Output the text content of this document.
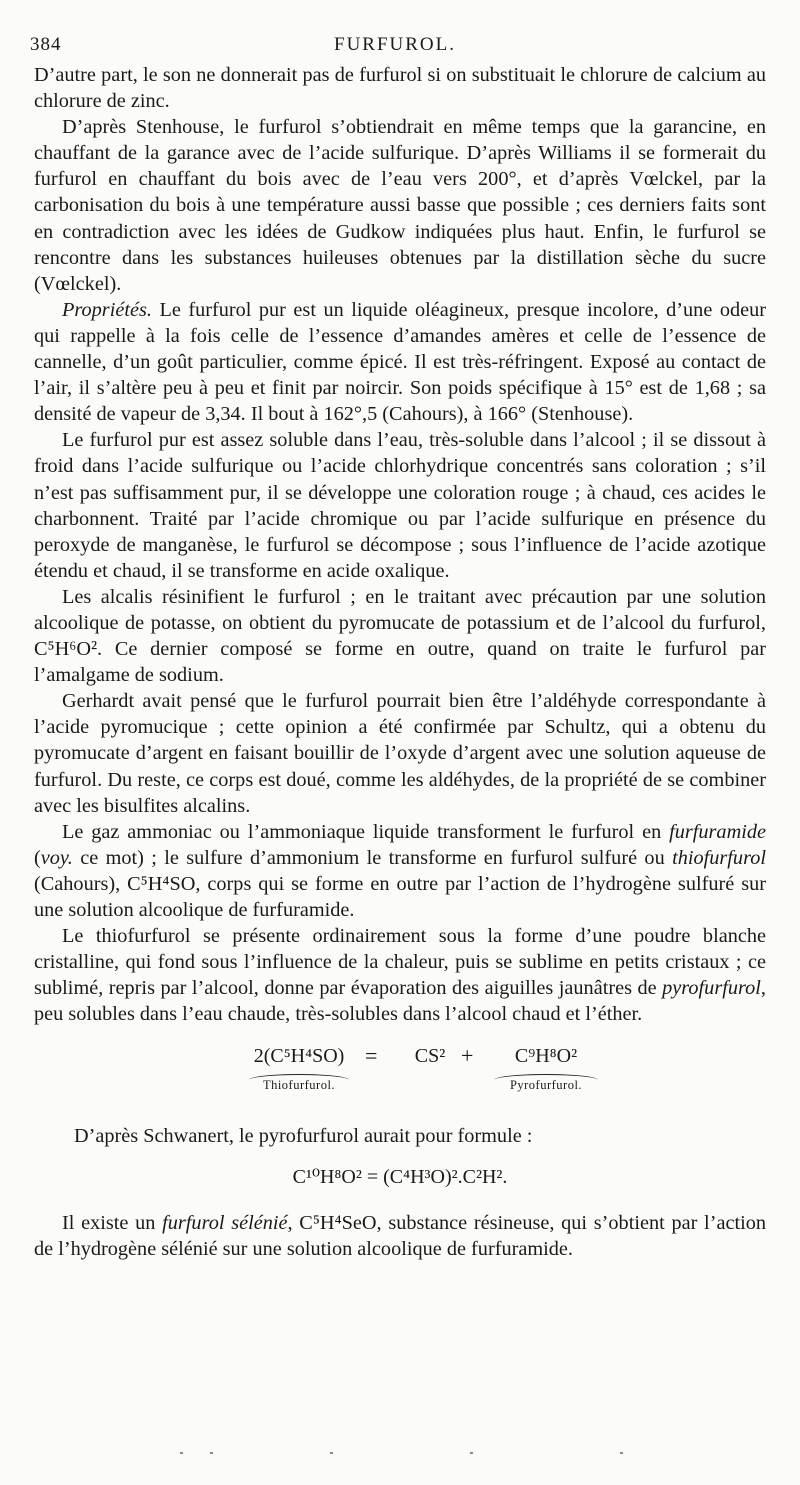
384	FURFUROL.

D’autre part, le son ne donnerait pas de furfurol si on substituait le chlorure de calcium au chlorure de zinc.

D’après Stenhouse, le furfurol s’obtiendrait en même temps que la garancine, en chauffant de la garance avec de l’acide sulfurique. D’après Williams il se formerait du furfurol en chauffant du bois avec de l’eau vers 200°, et d’après Vœlckel, par la carbonisation du bois à une température aussi basse que possible ; ces derniers faits sont en contradiction avec les idées de Gudkow indiquées plus haut. Enfin, le furfurol se rencontre dans les substances huileuses obtenues par la distillation sèche du sucre (Vœlckel).

Propriétés. Le furfurol pur est un liquide oléagineux, presque incolore, d’une odeur qui rappelle à la fois celle de l’essence d’amandes amères et celle de l’essence de cannelle, d’un goût particulier, comme épicé. Il est très-réfringent. Exposé au contact de l’air, il s’altère peu à peu et finit par noircir. Son poids spécifique à 15° est de 1,68 ; sa densité de vapeur de 3,34. Il bout à 162°,5 (Cahours), à 166° (Stenhouse).

Le furfurol pur est assez soluble dans l’eau, très-soluble dans l’alcool ; il se dissout à froid dans l’acide sulfurique ou l’acide chlorhydrique concentrés sans coloration ; s’il n’est pas suffisamment pur, il se développe une coloration rouge ; à chaud, ces acides le charbonnent. Traité par l’acide chromique ou par l’acide sulfurique en présence du peroxyde de manganèse, le furfurol se décompose ; sous l’influence de l’acide azotique étendu et chaud, il se transforme en acide oxalique.

Les alcalis résinifient le furfurol ; en le traitant avec précaution par une solution alcoolique de potasse, on obtient du pyromucate de potassium et de l’alcool du furfurol, C⁵H⁶O². Ce dernier composé se forme en outre, quand on traite le furfurol par l’amalgame de sodium.

Gerhardt avait pensé que le furfurol pourrait bien être l’aldéhyde correspondante à l’acide pyromucique ; cette opinion a été confirmée par Schultz, qui a obtenu du pyromucate d’argent en faisant bouillir de l’oxyde d’argent avec une solution aqueuse de furfurol. Du reste, ce corps est doué, comme les aldéhydes, de la propriété de se combiner avec les bisulfites alcalins.

Le gaz ammoniac ou l’ammoniaque liquide transforment le furfurol en furfuramide (voy. ce mot) ; le sulfure d’ammonium le transforme en furfurol sulfuré ou thiofurfurol (Cahours), C⁵H⁴SO, corps qui se forme en outre par l’action de l’hydrogène sulfuré sur une solution alcoolique de furfuramide.

Le thiofurfurol se présente ordinairement sous la forme d’une poudre blanche cristalline, qui fond sous l’influence de la chaleur, puis se sublime en petits cristaux ; ce sublimé, repris par l’alcool, donne par évaporation des aiguilles jaunâtres de pyrofurfurol, peu solubles dans l’eau chaude, très-solubles dans l’alcool chaud et l’éther.

2(C⁵H⁴SO)
Thiofurfurol.
=	CS² +	C⁹H⁸O²
Pyrofurfurol.

D’après Schwanert, le pyrofurfurol aurait pour formule :

C¹⁰H⁸O² = (C⁴H³O)².C²H².

Il existe un furfurol sélénié, C⁵H⁴SeO, substance résineuse, qui s’obtient par l’action de l’hydrogène sélénié sur une solution alcoolique de furfuramide.
